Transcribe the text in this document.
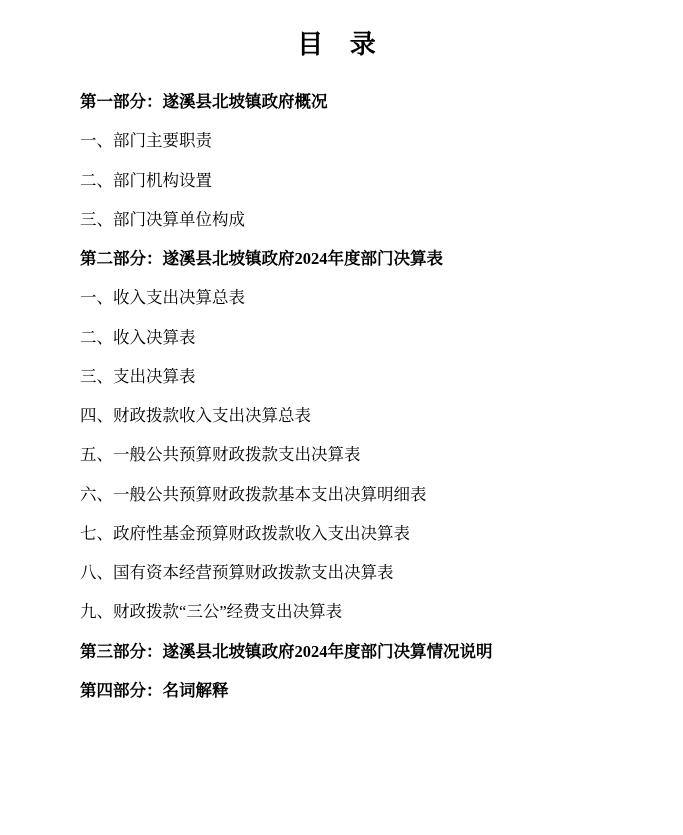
目 录
第一部分：遂溪县北坡镇政府概况
一、部门主要职责
二、部门机构设置
三、部门决算单位构成
第二部分：遂溪县北坡镇政府2024年度部门决算表
一、收入支出决算总表
二、收入决算表
三、支出决算表
四、财政拨款收入支出决算总表
五、一般公共预算财政拨款支出决算表
六、一般公共预算财政拨款基本支出决算明细表
七、政府性基金预算财政拨款收入支出决算表
八、国有资本经营预算财政拨款支出决算表
九、财政拨款“三公”经费支出决算表
第三部分：遂溪县北坡镇政府2024年度部门决算情况说明
第四部分：名词解释
